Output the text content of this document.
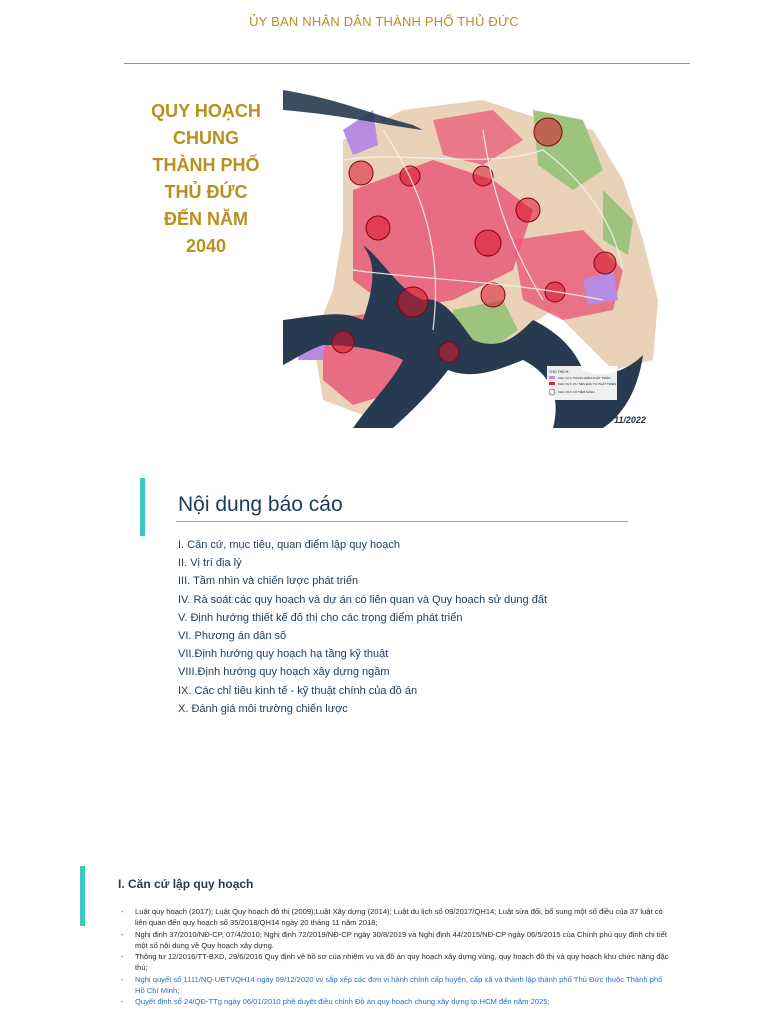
ỦY BAN NHÂN DÂN THÀNH PHỐ THỦ ĐỨC
QUY HOẠCH
CHUNG
THÀNH PHỐ
THỦ ĐỨC
ĐẾN NĂM
2040
CHÚ THÍCH:
KHU VỰC TRỌNG ĐIỂM PHÁT TRIỂN
KHU VỰC ƯU TIÊN ĐẦU TƯ PHÁT TRIỂN
KHU VỰC CÓ TIỀM NĂNG
11/2022
Nội dung báo cáo
I. Căn cứ, mục tiêu, quan điểm lập quy hoạch
II. Vị trí địa lý
III. Tầm nhìn và chiến lược phát triển
IV. Rà soát các quy hoạch và dự án có liên quan và Quy hoạch sử dụng đất
V. Định hướng thiết kế đô thị cho các trọng điểm phát triển
VI. Phương án dân số
VII.Định hướng quy hoạch hạ tầng kỹ thuật
VIII.Định hướng quy hoạch xây dựng ngầm
IX. Các chỉ tiêu kinh tế - kỹ thuật chính của đồ án
X. Đánh giá môi trường chiến lược
I. Căn cứ lập quy hoạch
- Luật quy hoạch (2017); Luật Quy hoạch đô thị (2009);Luật Xây dựng (2014); Luật du lịch số 09/2017/QH14; Luật sửa đổi, bổ sung một số điều của 37 luật có liên quan đến quy hoạch số 35/2018/QH14 ngày 20 tháng 11 năm 2018;
- Nghị định 37/2010/NĐ-CP, 07/4/2010; Nghị định 72/2019/NĐ-CP ngày 30/8/2019 và Nghị định 44/2015/NĐ-CP ngày 06/5/2015 của Chính phủ quy định chi tiết một số nội dung về Quy hoạch xây dựng.
- Thông tư 12/2016/TT-BXD, 29/6/2016 Quy định về hồ sơ của nhiệm vụ và đồ án quy hoạch xây dựng vùng, quy hoạch đô thị và quy hoạch khu chức năng đặc thù;
- Nghị quyết số 1111/NQ-UBTVQH14 ngày 09/12/2020 vv sắp xếp các đơn vị hành chính cấp huyện, cấp xã và thành lập thành phố Thủ Đức thuộc Thành phố Hồ Chí Minh;
- Quyết định số 24/QĐ-TTg ngày 06/01/2010 phê duyệt điều chỉnh Đồ án quy hoạch chung xây dựng tp.HCM đến năm 2025;
